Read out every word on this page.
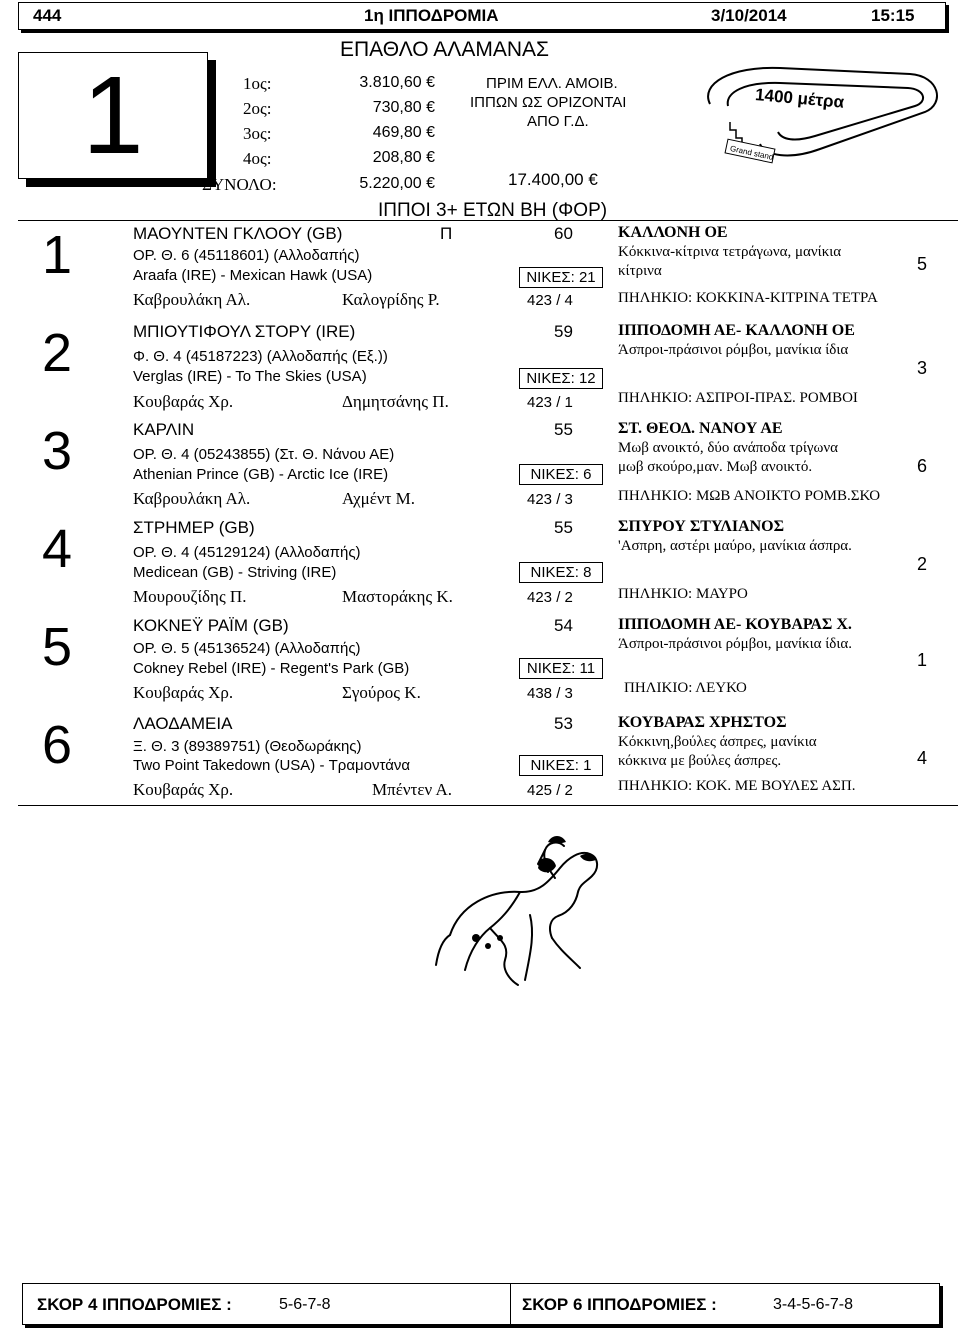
444	1η ΙΠΠΟΔΡΟΜΙΑ	3/10/2014	15:15
1
ΕΠΑΘΛΟ ΑΛΑΜΑΝΑΣ
1ος:	3.810,60 €
2ος:	730,80 €
3ος:	469,80 €
4ος:	208,80 €
ΣΥΝΟΛΟ:	5.220,00 €
ΠΡΙΜ ΕΛΛ. ΑΜΟΙΒ.
ΙΠΠΩΝ ΩΣ ΟΡΙΖΟΝΤΑΙ
ΑΠΟ Γ.Δ.
17.400,00 €
ΙΠΠΟΙ 3+ ΕΤΩΝ ΒΗ (ΦΟΡ)
Grand stand
1400 μέτρα
1	ΜΑΟΥΝΤΕΝ ΓΚΛΟΟΥ (GB)	Π	60
ΟΡ. Θ. 6 (45118601) (Αλλοδαπής)
Araafa (IRE) - Mexican Hawk (USA)	ΝΙΚΕΣ: 21
Καβρουλάκη Αλ.	Καλογρίδης Ρ.	423 / 4
ΚΑΛΛΟΝΗ ΟΕ
Κόκκινα-κίτρινα τετράγωνα, μανίκια
κίτρινα	5
ΠΗΛΗΚΙΟ: ΚΟΚΚΙΝΑ-ΚΙΤΡΙΝΑ ΤΕΤΡΑ
2	ΜΠΙΟΥΤΙΦΟΥΛ ΣΤΟΡΥ (IRE)	59
Φ. Θ. 4 (45187223) (Αλλοδαπής (Εξ.))
Verglas (IRE) - To The Skies (USA)	ΝΙΚΕΣ: 12
Κουβαράς Χρ.	Δημητσάνης Π.	423 / 1
ΙΠΠΟΔΟΜΗ ΑΕ- ΚΑΛΛΟΝΗ ΟΕ
Άσπροι-πράσινοι ρόμβοι, μανίκια ίδια
3
ΠΗΛΗΚΙΟ: ΑΣΠΡΟΙ-ΠΡΑΣ. ΡΟΜΒΟΙ
3	ΚΑΡΛΙΝ	55
ΟΡ. Θ. 4 (05243855) (Στ. Θ. Νάνου ΑΕ)
Athenian Prince (GB) - Arctic Ice (IRE)	ΝΙΚΕΣ: 6
Καβρουλάκη Αλ.	Αχμέντ Μ.	423 / 3
ΣΤ. ΘΕΟΔ. ΝΑΝΟΥ ΑΕ
Μωβ ανοικτό, δύο ανάποδα τρίγωνα
μωβ σκούρο,μαν. Μωβ ανοικτό.	6
ΠΗΛΗΚΙΟ: ΜΩΒ ΑΝΟΙΚΤΟ ΡΟΜΒ.ΣΚΟ
4	ΣΤΡΗΜΕΡ (GB)	55
ΟΡ. Θ. 4 (45129124) (Αλλοδαπής)
Medicean (GB) - Striving (IRE)	ΝΙΚΕΣ: 8
Μουρουζίδης Π.	Μαστοράκης Κ.	423 / 2
ΣΠΥΡΟΥ ΣΤΥΛΙΑΝΟΣ
'Ασπρη, αστέρι μαύρο, μανίκια άσπρα.
2
ΠΗΛΗΚΙΟ: ΜΑΥΡΟ
5	ΚΟΚΝΕΫ ΡΑΪΜ (GB)	54
ΟΡ. Θ. 5 (45136524) (Αλλοδαπής)
Cokney Rebel (IRE) - Regent's Park (GB)	ΝΙΚΕΣ: 11
Κουβαράς Χρ.	Σγούρος Κ.	438 / 3
ΙΠΠΟΔΟΜΗ ΑΕ- ΚΟΥΒΑΡΑΣ Χ.
Άσπροι-πράσινοι ρόμβοι, μανίκια ίδια.
1
ΠΗΛΙΚΙΟ: ΛΕΥΚΟ
6	ΛΑΟΔΑΜΕΙΑ	53
Ξ. Θ. 3 (89389751) (Θεοδωράκης)
Two Point Takedown (USA) - Τραμοντάνα	ΝΙΚΕΣ: 1
Κουβαράς Χρ.	Μπέντεν Α.	425 / 2
ΚΟΥΒΑΡΑΣ ΧΡΗΣΤΟΣ
Κόκκινη,βούλες άσπρες, μανίκια
κόκκινα με βούλες άσπρες.	4
ΠΗΛΗΚΙΟ: ΚΟΚ. ΜΕ ΒΟΥΛΕΣ ΑΣΠ.
ΣΚΟΡ 4 ΙΠΠΟΔΡΟΜΙΕΣ :	5-6-7-8	ΣΚΟΡ 6 ΙΠΠΟΔΡΟΜΙΕΣ :	3-4-5-6-7-8
